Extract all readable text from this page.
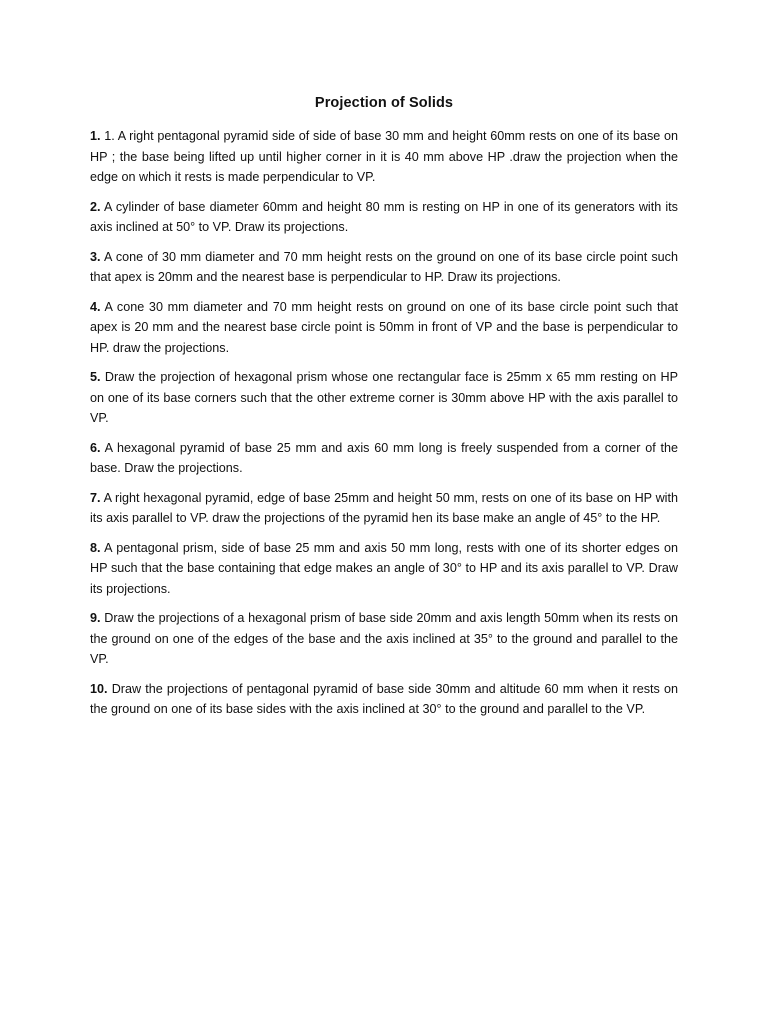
Projection of Solids

1. 1. A right pentagonal pyramid side of side of base 30 mm and height 60mm rests on one of its base on HP ; the base being lifted up until higher corner in it is 40 mm above HP .draw the projection when the edge on which it rests is made perpendicular to VP.

2. A cylinder of base diameter 60mm and height 80 mm is resting on HP in one of its generators with its axis inclined at 50° to VP. Draw its projections.

3. A cone of 30 mm diameter and 70 mm height rests on the ground on one of its base circle point such that apex is 20mm and the nearest base is perpendicular to HP. Draw its projections.

4. A cone 30 mm diameter and 70 mm height rests on ground on one of its base circle point such that apex is 20 mm and the nearest base circle point is 50mm in front of VP and the base is perpendicular to HP. draw the projections.

5. Draw the projection of hexagonal prism whose one rectangular face is 25mm x 65 mm resting on HP on one of its base corners such that the other extreme corner is 30mm above HP with the axis parallel to VP.

6. A hexagonal pyramid of base 25 mm and axis 60 mm long is freely suspended from a corner of the base. Draw the projections.

7. A right hexagonal pyramid, edge of base 25mm and height 50 mm, rests on one of its base on HP with its axis parallel to VP. draw the projections of the pyramid hen its base make an angle of 45° to the HP.

8. A pentagonal prism, side of base 25 mm and axis 50 mm long, rests with one of its shorter edges on HP such that the base containing that edge makes an angle of 30° to HP and its axis parallel to VP. Draw its projections.

9. Draw the projections of a hexagonal prism of base side 20mm and axis length 50mm when its rests on the ground on one of the edges of the base and the axis inclined at 35° to the ground and parallel to the VP.

10. Draw the projections of pentagonal pyramid of base side 30mm and altitude 60 mm when it rests on the ground on one of its base sides with the axis inclined at 30° to the ground and parallel to the VP.
